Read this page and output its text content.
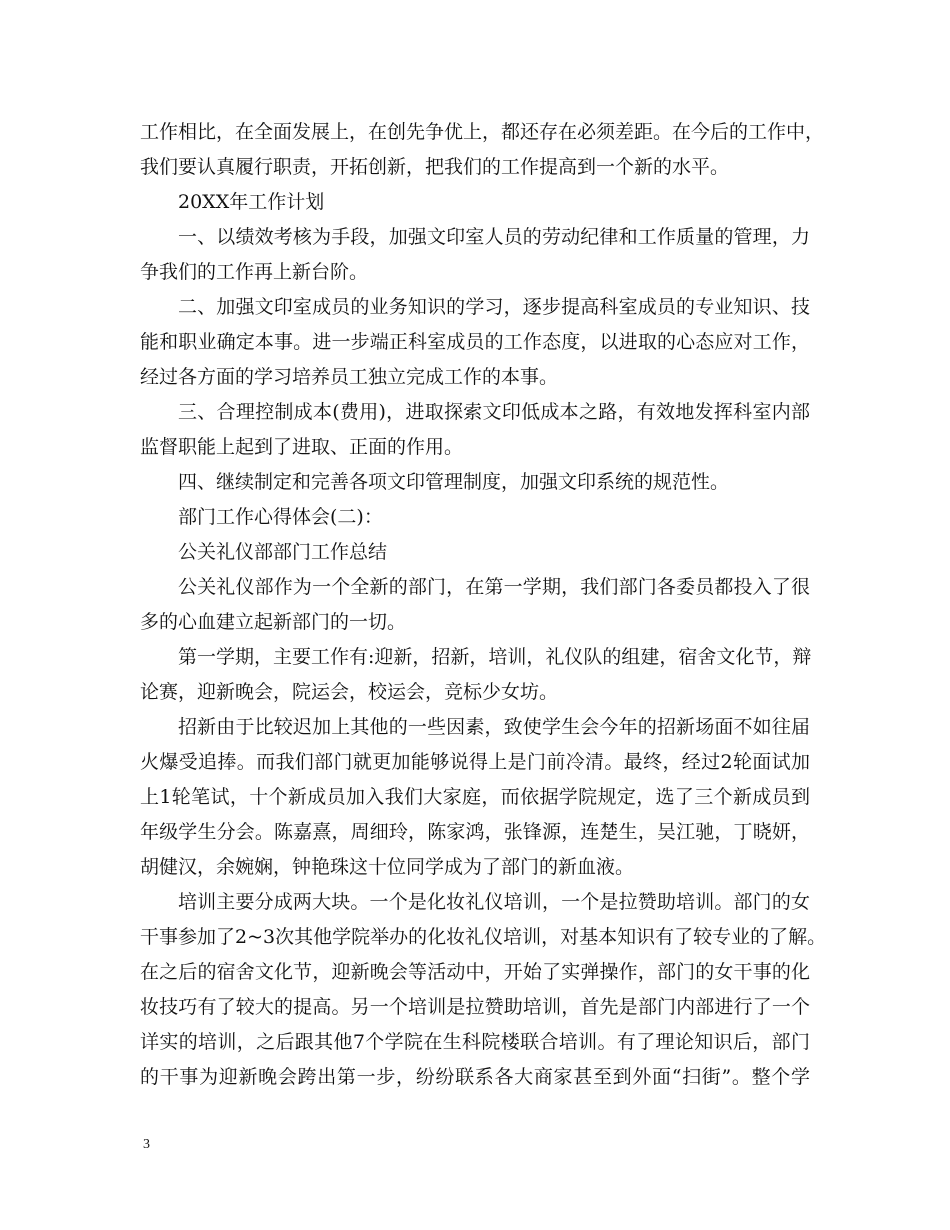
工作相比，在全面发展上，在创先争优上，都还存在必须差距。在今后的工作中，
我们要认真履行职责，开拓创新，把我们的工作提高到一个新的水平。
20XX年工作计划
一、以绩效考核为手段，加强文印室人员的劳动纪律和工作质量的管理，力
争我们的工作再上新台阶。
二、加强文印室成员的业务知识的学习，逐步提高科室成员的专业知识、技
能和职业确定本事。进一步端正科室成员的工作态度，以进取的心态应对工作，
经过各方面的学习培养员工独立完成工作的本事。
三、合理控制成本(费用)，进取探索文印低成本之路，有效地发挥科室内部
监督职能上起到了进取、正面的作用。
四、继续制定和完善各项文印管理制度，加强文印系统的规范性。
部门工作心得体会(二)：
公关礼仪部部门工作总结
公关礼仪部作为一个全新的部门，在第一学期，我们部门各委员都投入了很
多的心血建立起新部门的一切。
第一学期，主要工作有:迎新，招新，培训，礼仪队的组建，宿舍文化节，辩
论赛，迎新晚会，院运会，校运会，竞标少女坊。
招新由于比较迟加上其他的一些因素，致使学生会今年的招新场面不如往届
火爆受追捧。而我们部门就更加能够说得上是门前冷清。最终，经过2轮面试加
上1轮笔试，十个新成员加入我们大家庭，而依据学院规定，选了三个新成员到
年级学生分会。陈嘉熹，周细玲，陈家鸿，张锋源，连楚生，吴江驰，丁晓妍，
胡健汉，余婉娴，钟艳珠这十位同学成为了部门的新血液。
培训主要分成两大块。一个是化妆礼仪培训，一个是拉赞助培训。部门的女
干事参加了2~3次其他学院举办的化妆礼仪培训，对基本知识有了较专业的了解。
在之后的宿舍文化节，迎新晚会等活动中，开始了实弹操作，部门的女干事的化
妆技巧有了较大的提高。另一个培训是拉赞助培训，首先是部门内部进行了一个
详实的培训，之后跟其他7个学院在生科院楼联合培训。有了理论知识后，部门
的干事为迎新晚会跨出第一步，纷纷联系各大商家甚至到外面“扫街”。整个学
3
